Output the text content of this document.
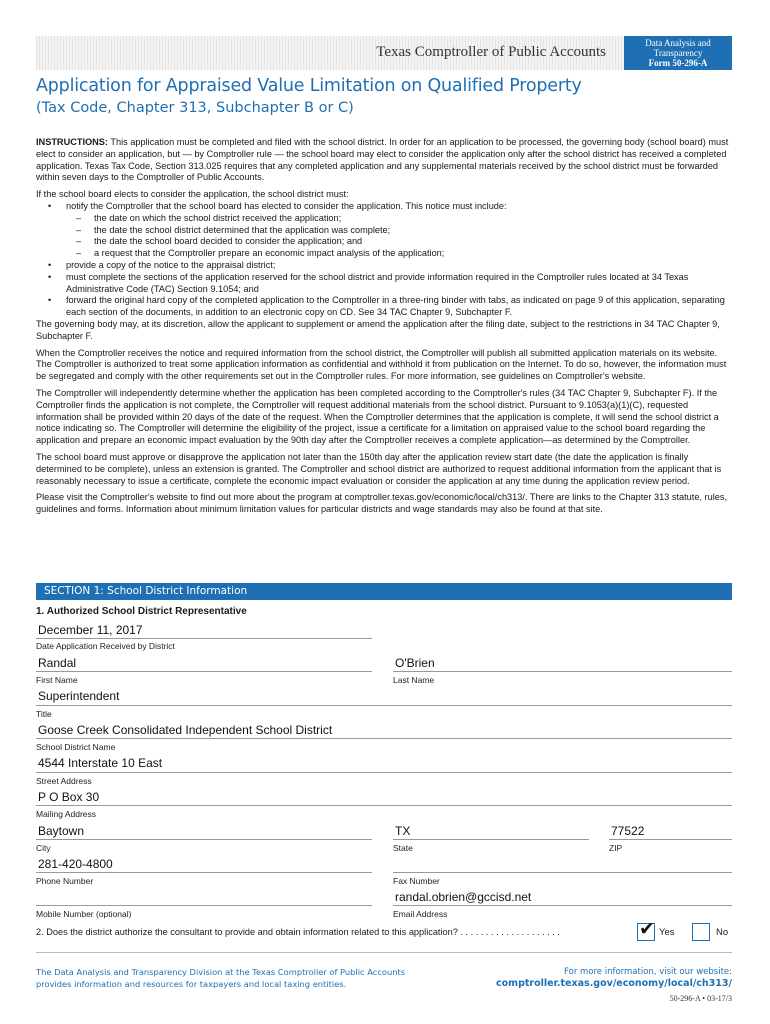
Texas Comptroller of Public Accounts
Data Analysis and
Transparency
Form 50-296-A
Application for Appraised Value Limitation on Qualified Property
(Tax Code, Chapter 313, Subchapter B or C)

INSTRUCTIONS: This application must be completed and filed with the school district. In order for an application to be processed, the governing body (school board) must elect to consider an application, but — by Comptroller rule — the school board may elect to consider the application only after the school district has received a completed application. Texas Tax Code, Section 313.025 requires that any completed application and any supplemental materials received by the school district must be forwarded within seven days to the Comptroller of Public Accounts.

If the school board elects to consider the application, the school district must:

• notify the Comptroller that the school board has elected to consider the application. This notice must include:
– the date on which the school district received the application;
– the date the school district determined that the application was complete;
– the date the school board decided to consider the application; and
– a request that the Comptroller prepare an economic impact analysis of the application;
• provide a copy of the notice to the appraisal district;
• must complete the sections of the application reserved for the school district and provide information required in the Comptroller rules located at 34 Texas Administrative Code (TAC) Section 9.1054; and
• forward the original hard copy of the completed application to the Comptroller in a three-ring binder with tabs, as indicated on page 9 of this application, separating each section of the documents, in addition to an electronic copy on CD. See 34 TAC Chapter 9, Subchapter F.

The governing body may, at its discretion, allow the applicant to supplement or amend the application after the filing date, subject to the restrictions in 34 TAC Chapter 9, Subchapter F.

When the Comptroller receives the notice and required information from the school district, the Comptroller will publish all submitted application materials on its website. The Comptroller is authorized to treat some application information as confidential and withhold it from publication on the Internet. To do so, however, the information must be segregated and comply with the other requirements set out in the Comptroller rules. For more information, see guidelines on Comptroller's website.

The Comptroller will independently determine whether the application has been completed according to the Comptroller's rules (34 TAC Chapter 9, Subchapter F). If the Comptroller finds the application is not complete, the Comptroller will request additional materials from the school district. Pursuant to 9.1053(a)(1)(C), requested information shall be provided within 20 days of the date of the request. When the Comptroller determines that the application is complete, it will send the school district a notice indicating so. The Comptroller will determine the eligibility of the project, issue a certificate for a limitation on appraised value to the school board regarding the application and prepare an economic impact evaluation by the 90th day after the Comptroller receives a complete application—as determined by the Comptroller.

The school board must approve or disapprove the application not later than the 150th day after the application review start date (the date the application is finally determined to be complete), unless an extension is granted. The Comptroller and school district are authorized to request additional information from the applicant that is reasonably necessary to issue a certificate, complete the economic impact evaluation or consider the application at any time during the application review period.

Please visit the Comptroller's website to find out more about the program at comptroller.texas.gov/economic/local/ch313/. There are links to the Chapter 313 statute, rules, guidelines and forms. Information about minimum limitation values for particular districts and wage standards may also be found at that site.

SECTION 1: School District Information
1. Authorized School District Representative
December 11, 2017
Date Application Received by District
Randal
First Name
O'Brien
Last Name
Superintendent
Title
Goose Creek Consolidated Independent School District
School District Name
4544 Interstate 10 East
Street Address
P O Box 30
Mailing Address
Baytown
City
TX
State
77522
ZIP
281-420-4800
Phone Number	Fax Number
Mobile Number (optional)
randal.obrien@gccisd.net
Email Address
2. Does the district authorize the consultant to provide and obtain information related to this application? . . . . . . . . . . . . . . . . . . . .	✔ Yes	No
The Data Analysis and Transparency Division at the Texas Comptroller of Public Accounts
provides information and resources for taxpayers and local taxing entities.
For more information, visit our website:
comptroller.texas.gov/economy/local/ch313/
50-296-A • 03-17/3
